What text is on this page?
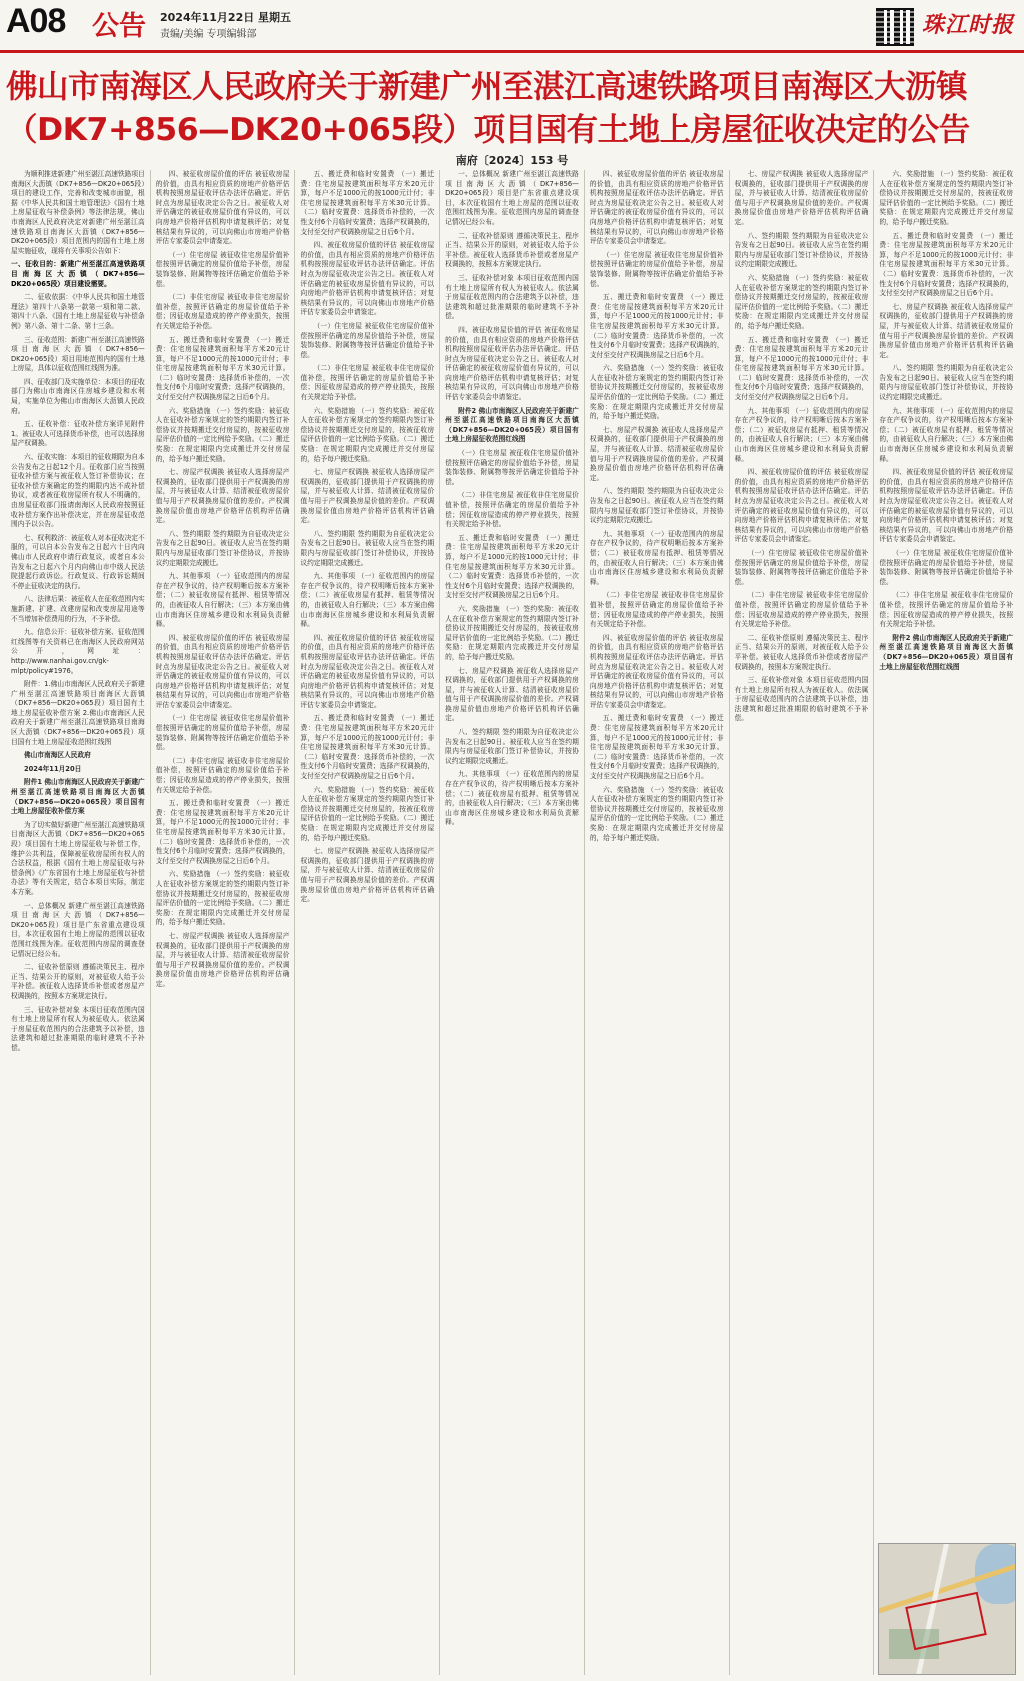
A08 公告 2024年11月22日 星期五
责编/美编 专项编辑部	珠江时报
佛山市南海区人民政府关于新建广州至湛江高速铁路项目南海区大沥镇
（DK7+856—DK20+065段）项目国有土地上房屋征收决定的公告
南府〔2024〕153 号

为顺利推进新建广州至湛江高速铁路项目南海区大沥镇（DK7+856—DK20+065段）项目的建设工作，完善和改变城市面貌，根据《中华人民共和国土地管理法》《国有土地上房屋征收与补偿条例》等法律法规，佛山市南海区人民政府决定对新建广州至湛江高速铁路项目南海区大沥镇（DK7+856—DK20+065段）项目范围内的国有土地上房屋实施征收，现将有关事项公告如下：

一、征收目的：新建广州至湛江高速铁路项目南海区大沥镇（DK7+856—DK20+065段）项目建设需要。

二、征收依据：《中华人民共和国土地管理法》第四十八条第一款第一项和第二款、第四十八条、《国有土地上房屋征收与补偿条例》第八条、第十二条、第十三条。

三、征收范围：新建广州至湛江高速铁路项目南海区大沥镇（DK7+856—DK20+065段）项目用地范围内的国有土地上房屋，具体以征收范围红线图为准。

四、征收部门及实施单位：本项目的征收部门为佛山市南海区住房城乡建设和水利局，实施单位为佛山市南海区大沥镇人民政府。

五、征收补偿：征收补偿方案详见附件1。被征收人可选择货币补偿，也可以选择房屋产权调换。

六、征收实施：本项目的征收期限为自本公告发布之日起12个月。征收部门应当按照征收补偿方案与被征收人签订补偿协议；在征收补偿方案确定的签约期限内达不成补偿协议，或者被征收房屋所有权人不明确的，由房屋征收部门报请南海区人民政府按照征收补偿方案作出补偿决定，并在房屋征收范围内予以公告。

七、权利救济：被征收人对本征收决定不服的，可以自本公告发布之日起六十日内向佛山市人民政府申请行政复议，或者自本公告发布之日起六个月内向佛山市中级人民法院提起行政诉讼。行政复议、行政诉讼期间不停止征收决定的执行。

八、法律后果：被征收人在征收范围内实施新建、扩建、改建房屋和改变房屋用途等不当增加补偿费用的行为，不予补偿。

九、信息公开：征收补偿方案、征收范围红线图等有关资料已在南海区人民政府网站公开，网址：http://www.nanhai.gov.cn/gk-mlpt/policy#1976。

附件：1.佛山市南海区人民政府关于新建广州至湛江高速铁路项目南海区大沥镇（DK7+856—DK20+065段）项目国有土地上房屋征收补偿方案 2.佛山市南海区人民政府关于新建广州至湛江高速铁路项目南海区大沥镇（DK7+856—DK20+065段）项目国有土地上房屋征收范围红线图

佛山市南海区人民政府

2024年11月20日

附件1 佛山市南海区人民政府关于新建广州至湛江高速铁路项目南海区大沥镇（DK7+856—DK20+065段）项目国有土地上房屋征收补偿方案

为了切实做好新建广州至湛江高速铁路项目南海区大沥镇（DK7+856—DK20+065段）项目国有土地上房屋征收与补偿工作，维护公共利益，保障被征收房屋所有权人的合法权益，根据《国有土地上房屋征收与补偿条例》《广东省国有土地上房屋征收与补偿办法》等有关规定，结合本项目实际，制定本方案。

一、总体概况 新建广州至湛江高速铁路项目南海区大沥镇（DK7+856—DK20+065段）项目是广东省重点建设项目，本次征收国有土地上房屋的范围以征收范围红线图为准。征收范围内房屋的调查登记情况已经公布。

二、征收补偿原则 遵循决策民主、程序正当、结果公开的原则，对被征收人给予公平补偿。被征收人选择货币补偿或者房屋产权调换的，按照本方案规定执行。

三、征收补偿对象 本项目征收范围内国有土地上房屋所有权人为被征收人。依法属于房屋征收范围内的合法建筑予以补偿，违法建筑和超过批准期限的临时建筑不予补偿。

四、被征收房屋价值的评估 被征收房屋的价值，由具有相应资质的房地产价格评估机构按照房屋征收评估办法评估确定。评估时点为房屋征收决定公告之日。被征收人对评估确定的被征收房屋价值有异议的，可以向房地产价格评估机构申请复核评估；对复核结果有异议的，可以向佛山市房地产价格评估专家委员会申请鉴定。

（一）住宅房屋 被征收住宅房屋价值补偿按照评估确定的房屋价值给予补偿，房屋装饰装修、附属物等按评估确定价值给予补偿。

（二）非住宅房屋 被征收非住宅房屋价值补偿，按照评估确定的房屋价值给予补偿；因征收房屋造成的停产停业损失，按照有关规定给予补偿。

五、搬迁费和临时安置费 （一）搬迁费：住宅房屋按建筑面积每平方米20元计算，每户不足1000元的按1000元计付；非住宅房屋按建筑面积每平方米30元计算。（二）临时安置费：选择货币补偿的，一次性支付6个月临时安置费；选择产权调换的，支付至交付产权调换房屋之日后6个月。

六、奖励措施 （一）签约奖励：被征收人在征收补偿方案规定的签约期限内签订补偿协议并按期搬迁交付房屋的，按被征收房屋评估价值的一定比例给予奖励。（二）搬迁奖励：在规定期限内完成搬迁并交付房屋的，给予每户搬迁奖励。

七、房屋产权调换 被征收人选择房屋产权调换的，征收部门提供用于产权调换的房屋，并与被征收人计算、结清被征收房屋价值与用于产权调换房屋价值的差价。产权调换房屋价值由房地产价格评估机构评估确定。

八、签约期限 签约期限为自征收决定公告发布之日起90日。被征收人应当在签约期限内与房屋征收部门签订补偿协议，并按协议约定期限完成搬迁。

九、其他事项 （一）征收范围内的房屋存在产权争议的，待产权明晰后按本方案补偿；（二）被征收房屋有抵押、租赁等情况的，由被征收人自行解决；（三）本方案由佛山市南海区住房城乡建设和水利局负责解释。

四、被征收房屋价值的评估 被征收房屋的价值，由具有相应资质的房地产价格评估机构按照房屋征收评估办法评估确定。评估时点为房屋征收决定公告之日。被征收人对评估确定的被征收房屋价值有异议的，可以向房地产价格评估机构申请复核评估；对复核结果有异议的，可以向佛山市房地产价格评估专家委员会申请鉴定。

（一）住宅房屋 被征收住宅房屋价值补偿按照评估确定的房屋价值给予补偿，房屋装饰装修、附属物等按评估确定价值给予补偿。

（二）非住宅房屋 被征收非住宅房屋价值补偿，按照评估确定的房屋价值给予补偿；因征收房屋造成的停产停业损失，按照有关规定给予补偿。

五、搬迁费和临时安置费 （一）搬迁费：住宅房屋按建筑面积每平方米20元计算，每户不足1000元的按1000元计付；非住宅房屋按建筑面积每平方米30元计算。（二）临时安置费：选择货币补偿的，一次性支付6个月临时安置费；选择产权调换的，支付至交付产权调换房屋之日后6个月。

六、奖励措施 （一）签约奖励：被征收人在征收补偿方案规定的签约期限内签订补偿协议并按期搬迁交付房屋的，按被征收房屋评估价值的一定比例给予奖励。（二）搬迁奖励：在规定期限内完成搬迁并交付房屋的，给予每户搬迁奖励。

七、房屋产权调换 被征收人选择房屋产权调换的，征收部门提供用于产权调换的房屋，并与被征收人计算、结清被征收房屋价值与用于产权调换房屋价值的差价。产权调换房屋价值由房地产价格评估机构评估确定。

五、搬迁费和临时安置费 （一）搬迁费：住宅房屋按建筑面积每平方米20元计算，每户不足1000元的按1000元计付；非住宅房屋按建筑面积每平方米30元计算。（二）临时安置费：选择货币补偿的，一次性支付6个月临时安置费；选择产权调换的，支付至交付产权调换房屋之日后6个月。

四、被征收房屋价值的评估 被征收房屋的价值，由具有相应资质的房地产价格评估机构按照房屋征收评估办法评估确定。评估时点为房屋征收决定公告之日。被征收人对评估确定的被征收房屋价值有异议的，可以向房地产价格评估机构申请复核评估；对复核结果有异议的，可以向佛山市房地产价格评估专家委员会申请鉴定。

（一）住宅房屋 被征收住宅房屋价值补偿按照评估确定的房屋价值给予补偿，房屋装饰装修、附属物等按评估确定价值给予补偿。

（二）非住宅房屋 被征收非住宅房屋价值补偿，按照评估确定的房屋价值给予补偿；因征收房屋造成的停产停业损失，按照有关规定给予补偿。

六、奖励措施 （一）签约奖励：被征收人在征收补偿方案规定的签约期限内签订补偿协议并按期搬迁交付房屋的，按被征收房屋评估价值的一定比例给予奖励。（二）搬迁奖励：在规定期限内完成搬迁并交付房屋的，给予每户搬迁奖励。

七、房屋产权调换 被征收人选择房屋产权调换的，征收部门提供用于产权调换的房屋，并与被征收人计算、结清被征收房屋价值与用于产权调换房屋价值的差价。产权调换房屋价值由房地产价格评估机构评估确定。

八、签约期限 签约期限为自征收决定公告发布之日起90日。被征收人应当在签约期限内与房屋征收部门签订补偿协议，并按协议约定期限完成搬迁。

九、其他事项 （一）征收范围内的房屋存在产权争议的，待产权明晰后按本方案补偿；（二）被征收房屋有抵押、租赁等情况的，由被征收人自行解决；（三）本方案由佛山市南海区住房城乡建设和水利局负责解释。

四、被征收房屋价值的评估 被征收房屋的价值，由具有相应资质的房地产价格评估机构按照房屋征收评估办法评估确定。评估时点为房屋征收决定公告之日。被征收人对评估确定的被征收房屋价值有异议的，可以向房地产价格评估机构申请复核评估；对复核结果有异议的，可以向佛山市房地产价格评估专家委员会申请鉴定。

五、搬迁费和临时安置费 （一）搬迁费：住宅房屋按建筑面积每平方米20元计算，每户不足1000元的按1000元计付；非住宅房屋按建筑面积每平方米30元计算。（二）临时安置费：选择货币补偿的，一次性支付6个月临时安置费；选择产权调换的，支付至交付产权调换房屋之日后6个月。

六、奖励措施 （一）签约奖励：被征收人在征收补偿方案规定的签约期限内签订补偿协议并按期搬迁交付房屋的，按被征收房屋评估价值的一定比例给予奖励。（二）搬迁奖励：在规定期限内完成搬迁并交付房屋的，给予每户搬迁奖励。

七、房屋产权调换 被征收人选择房屋产权调换的，征收部门提供用于产权调换的房屋，并与被征收人计算、结清被征收房屋价值与用于产权调换房屋价值的差价。产权调换房屋价值由房地产价格评估机构评估确定。

一、总体概况 新建广州至湛江高速铁路项目南海区大沥镇（DK7+856—DK20+065段）项目是广东省重点建设项目，本次征收国有土地上房屋的范围以征收范围红线图为准。征收范围内房屋的调查登记情况已经公布。

二、征收补偿原则 遵循决策民主、程序正当、结果公开的原则，对被征收人给予公平补偿。被征收人选择货币补偿或者房屋产权调换的，按照本方案规定执行。

三、征收补偿对象 本项目征收范围内国有土地上房屋所有权人为被征收人。依法属于房屋征收范围内的合法建筑予以补偿，违法建筑和超过批准期限的临时建筑不予补偿。

四、被征收房屋价值的评估 被征收房屋的价值，由具有相应资质的房地产价格评估机构按照房屋征收评估办法评估确定。评估时点为房屋征收决定公告之日。被征收人对评估确定的被征收房屋价值有异议的，可以向房地产价格评估机构申请复核评估；对复核结果有异议的，可以向佛山市房地产价格评估专家委员会申请鉴定。

附件2 佛山市南海区人民政府关于新建广州至湛江高速铁路项目南海区大沥镇（DK7+856—DK20+065段）项目国有土地上房屋征收范围红线图

（一）住宅房屋 被征收住宅房屋价值补偿按照评估确定的房屋价值给予补偿，房屋装饰装修、附属物等按评估确定价值给予补偿。

（二）非住宅房屋 被征收非住宅房屋价值补偿，按照评估确定的房屋价值给予补偿；因征收房屋造成的停产停业损失，按照有关规定给予补偿。

五、搬迁费和临时安置费 （一）搬迁费：住宅房屋按建筑面积每平方米20元计算，每户不足1000元的按1000元计付；非住宅房屋按建筑面积每平方米30元计算。（二）临时安置费：选择货币补偿的，一次性支付6个月临时安置费；选择产权调换的，支付至交付产权调换房屋之日后6个月。

六、奖励措施 （一）签约奖励：被征收人在征收补偿方案规定的签约期限内签订补偿协议并按期搬迁交付房屋的，按被征收房屋评估价值的一定比例给予奖励。（二）搬迁奖励：在规定期限内完成搬迁并交付房屋的，给予每户搬迁奖励。

七、房屋产权调换 被征收人选择房屋产权调换的，征收部门提供用于产权调换的房屋，并与被征收人计算、结清被征收房屋价值与用于产权调换房屋价值的差价。产权调换房屋价值由房地产价格评估机构评估确定。

八、签约期限 签约期限为自征收决定公告发布之日起90日。被征收人应当在签约期限内与房屋征收部门签订补偿协议，并按协议约定期限完成搬迁。

九、其他事项 （一）征收范围内的房屋存在产权争议的，待产权明晰后按本方案补偿；（二）被征收房屋有抵押、租赁等情况的，由被征收人自行解决；（三）本方案由佛山市南海区住房城乡建设和水利局负责解释。

四、被征收房屋价值的评估 被征收房屋的价值，由具有相应资质的房地产价格评估机构按照房屋征收评估办法评估确定。评估时点为房屋征收决定公告之日。被征收人对评估确定的被征收房屋价值有异议的，可以向房地产价格评估机构申请复核评估；对复核结果有异议的，可以向佛山市房地产价格评估专家委员会申请鉴定。

（一）住宅房屋 被征收住宅房屋价值补偿按照评估确定的房屋价值给予补偿，房屋装饰装修、附属物等按评估确定价值给予补偿。

五、搬迁费和临时安置费 （一）搬迁费：住宅房屋按建筑面积每平方米20元计算，每户不足1000元的按1000元计付；非住宅房屋按建筑面积每平方米30元计算。（二）临时安置费：选择货币补偿的，一次性支付6个月临时安置费；选择产权调换的，支付至交付产权调换房屋之日后6个月。

六、奖励措施 （一）签约奖励：被征收人在征收补偿方案规定的签约期限内签订补偿协议并按期搬迁交付房屋的，按被征收房屋评估价值的一定比例给予奖励。（二）搬迁奖励：在规定期限内完成搬迁并交付房屋的，给予每户搬迁奖励。

七、房屋产权调换 被征收人选择房屋产权调换的，征收部门提供用于产权调换的房屋，并与被征收人计算、结清被征收房屋价值与用于产权调换房屋价值的差价。产权调换房屋价值由房地产价格评估机构评估确定。

八、签约期限 签约期限为自征收决定公告发布之日起90日。被征收人应当在签约期限内与房屋征收部门签订补偿协议，并按协议约定期限完成搬迁。

九、其他事项 （一）征收范围内的房屋存在产权争议的，待产权明晰后按本方案补偿；（二）被征收房屋有抵押、租赁等情况的，由被征收人自行解决；（三）本方案由佛山市南海区住房城乡建设和水利局负责解释。

（二）非住宅房屋 被征收非住宅房屋价值补偿，按照评估确定的房屋价值给予补偿；因征收房屋造成的停产停业损失，按照有关规定给予补偿。

四、被征收房屋价值的评估 被征收房屋的价值，由具有相应资质的房地产价格评估机构按照房屋征收评估办法评估确定。评估时点为房屋征收决定公告之日。被征收人对评估确定的被征收房屋价值有异议的，可以向房地产价格评估机构申请复核评估；对复核结果有异议的，可以向佛山市房地产价格评估专家委员会申请鉴定。

五、搬迁费和临时安置费 （一）搬迁费：住宅房屋按建筑面积每平方米20元计算，每户不足1000元的按1000元计付；非住宅房屋按建筑面积每平方米30元计算。（二）临时安置费：选择货币补偿的，一次性支付6个月临时安置费；选择产权调换的，支付至交付产权调换房屋之日后6个月。

六、奖励措施 （一）签约奖励：被征收人在征收补偿方案规定的签约期限内签订补偿协议并按期搬迁交付房屋的，按被征收房屋评估价值的一定比例给予奖励。（二）搬迁奖励：在规定期限内完成搬迁并交付房屋的，给予每户搬迁奖励。

七、房屋产权调换 被征收人选择房屋产权调换的，征收部门提供用于产权调换的房屋，并与被征收人计算、结清被征收房屋价值与用于产权调换房屋价值的差价。产权调换房屋价值由房地产价格评估机构评估确定。

八、签约期限 签约期限为自征收决定公告发布之日起90日。被征收人应当在签约期限内与房屋征收部门签订补偿协议，并按协议约定期限完成搬迁。

六、奖励措施 （一）签约奖励：被征收人在征收补偿方案规定的签约期限内签订补偿协议并按期搬迁交付房屋的，按被征收房屋评估价值的一定比例给予奖励。（二）搬迁奖励：在规定期限内完成搬迁并交付房屋的，给予每户搬迁奖励。

五、搬迁费和临时安置费 （一）搬迁费：住宅房屋按建筑面积每平方米20元计算，每户不足1000元的按1000元计付；非住宅房屋按建筑面积每平方米30元计算。（二）临时安置费：选择货币补偿的，一次性支付6个月临时安置费；选择产权调换的，支付至交付产权调换房屋之日后6个月。

九、其他事项 （一）征收范围内的房屋存在产权争议的，待产权明晰后按本方案补偿；（二）被征收房屋有抵押、租赁等情况的，由被征收人自行解决；（三）本方案由佛山市南海区住房城乡建设和水利局负责解释。

四、被征收房屋价值的评估 被征收房屋的价值，由具有相应资质的房地产价格评估机构按照房屋征收评估办法评估确定。评估时点为房屋征收决定公告之日。被征收人对评估确定的被征收房屋价值有异议的，可以向房地产价格评估机构申请复核评估；对复核结果有异议的，可以向佛山市房地产价格评估专家委员会申请鉴定。

（一）住宅房屋 被征收住宅房屋价值补偿按照评估确定的房屋价值给予补偿，房屋装饰装修、附属物等按评估确定价值给予补偿。

（二）非住宅房屋 被征收非住宅房屋价值补偿，按照评估确定的房屋价值给予补偿；因征收房屋造成的停产停业损失，按照有关规定给予补偿。

二、征收补偿原则 遵循决策民主、程序正当、结果公开的原则，对被征收人给予公平补偿。被征收人选择货币补偿或者房屋产权调换的，按照本方案规定执行。

三、征收补偿对象 本项目征收范围内国有土地上房屋所有权人为被征收人。依法属于房屋征收范围内的合法建筑予以补偿，违法建筑和超过批准期限的临时建筑不予补偿。

六、奖励措施 （一）签约奖励：被征收人在征收补偿方案规定的签约期限内签订补偿协议并按期搬迁交付房屋的，按被征收房屋评估价值的一定比例给予奖励。（二）搬迁奖励：在规定期限内完成搬迁并交付房屋的，给予每户搬迁奖励。

五、搬迁费和临时安置费 （一）搬迁费：住宅房屋按建筑面积每平方米20元计算，每户不足1000元的按1000元计付；非住宅房屋按建筑面积每平方米30元计算。（二）临时安置费：选择货币补偿的，一次性支付6个月临时安置费；选择产权调换的，支付至交付产权调换房屋之日后6个月。

七、房屋产权调换 被征收人选择房屋产权调换的，征收部门提供用于产权调换的房屋，并与被征收人计算、结清被征收房屋价值与用于产权调换房屋价值的差价。产权调换房屋价值由房地产价格评估机构评估确定。

八、签约期限 签约期限为自征收决定公告发布之日起90日。被征收人应当在签约期限内与房屋征收部门签订补偿协议，并按协议约定期限完成搬迁。

九、其他事项 （一）征收范围内的房屋存在产权争议的，待产权明晰后按本方案补偿；（二）被征收房屋有抵押、租赁等情况的，由被征收人自行解决；（三）本方案由佛山市南海区住房城乡建设和水利局负责解释。

四、被征收房屋价值的评估 被征收房屋的价值，由具有相应资质的房地产价格评估机构按照房屋征收评估办法评估确定。评估时点为房屋征收决定公告之日。被征收人对评估确定的被征收房屋价值有异议的，可以向房地产价格评估机构申请复核评估；对复核结果有异议的，可以向佛山市房地产价格评估专家委员会申请鉴定。

（一）住宅房屋 被征收住宅房屋价值补偿按照评估确定的房屋价值给予补偿，房屋装饰装修、附属物等按评估确定价值给予补偿。

（二）非住宅房屋 被征收非住宅房屋价值补偿，按照评估确定的房屋价值给予补偿；因征收房屋造成的停产停业损失，按照有关规定给予补偿。

附件2 佛山市南海区人民政府关于新建广州至湛江高速铁路项目南海区大沥镇（DK7+856—DK20+065段）项目国有土地上房屋征收范围红线图
